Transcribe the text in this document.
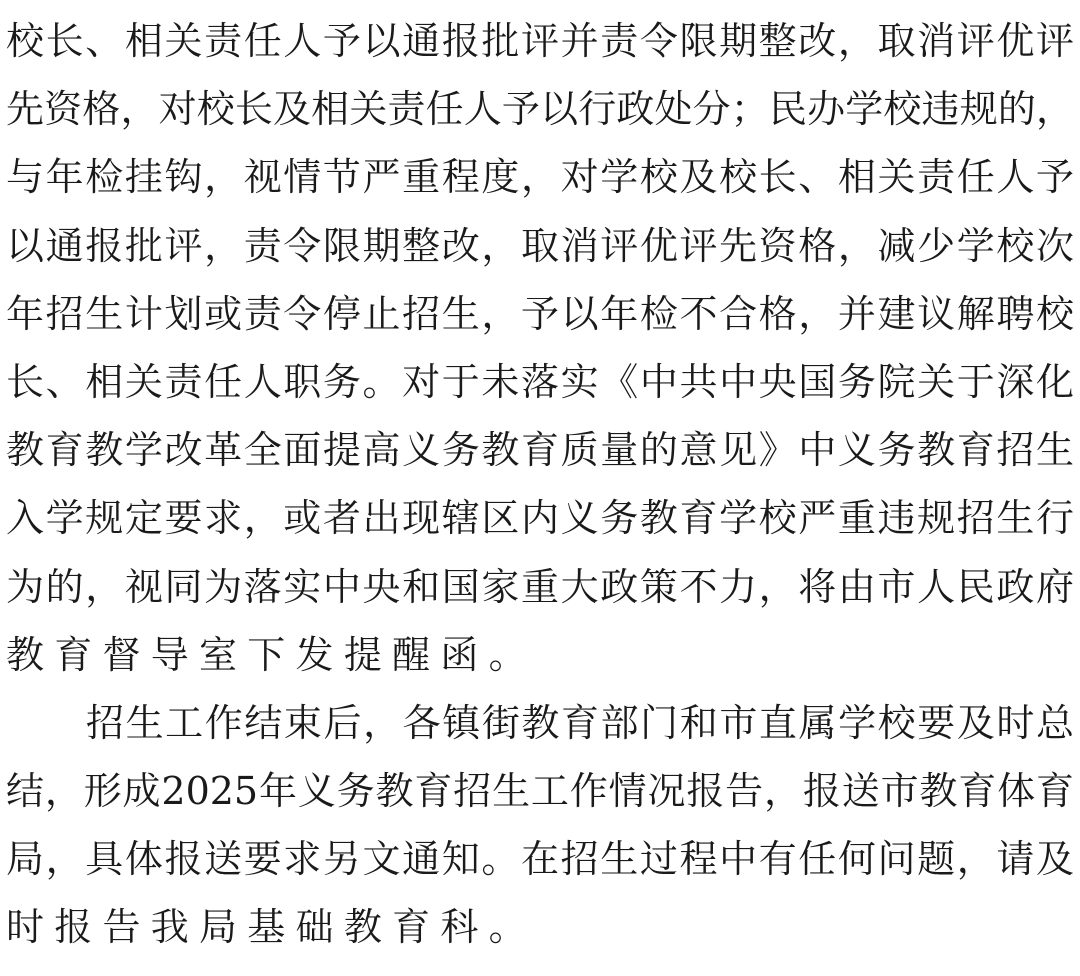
校长、相关责任人予以通报批评并责令限期整改，取消评优评
先资格，对校长及相关责任人予以行政处分；民办学校违规的，
与年检挂钩，视情节严重程度，对学校及校长、相关责任人予
以通报批评，责令限期整改，取消评优评先资格，减少学校次
年招生计划或责令停止招生，予以年检不合格，并建议解聘校
长、相关责任人职务。对于未落实《中共中央国务院关于深化
教育教学改革全面提高义务教育质量的意见》中义务教育招生
入学规定要求，或者出现辖区内义务教育学校严重违规招生行
为的，视同为落实中央和国家重大政策不力，将由市人民政府
教育督导室下发提醒函。
招生工作结束后，各镇街教育部门和市直属学校要及时总
结，形成2025年义务教育招生工作情况报告，报送市教育体育
局，具体报送要求另文通知。在招生过程中有任何问题，请及
时报告我局基础教育科。
